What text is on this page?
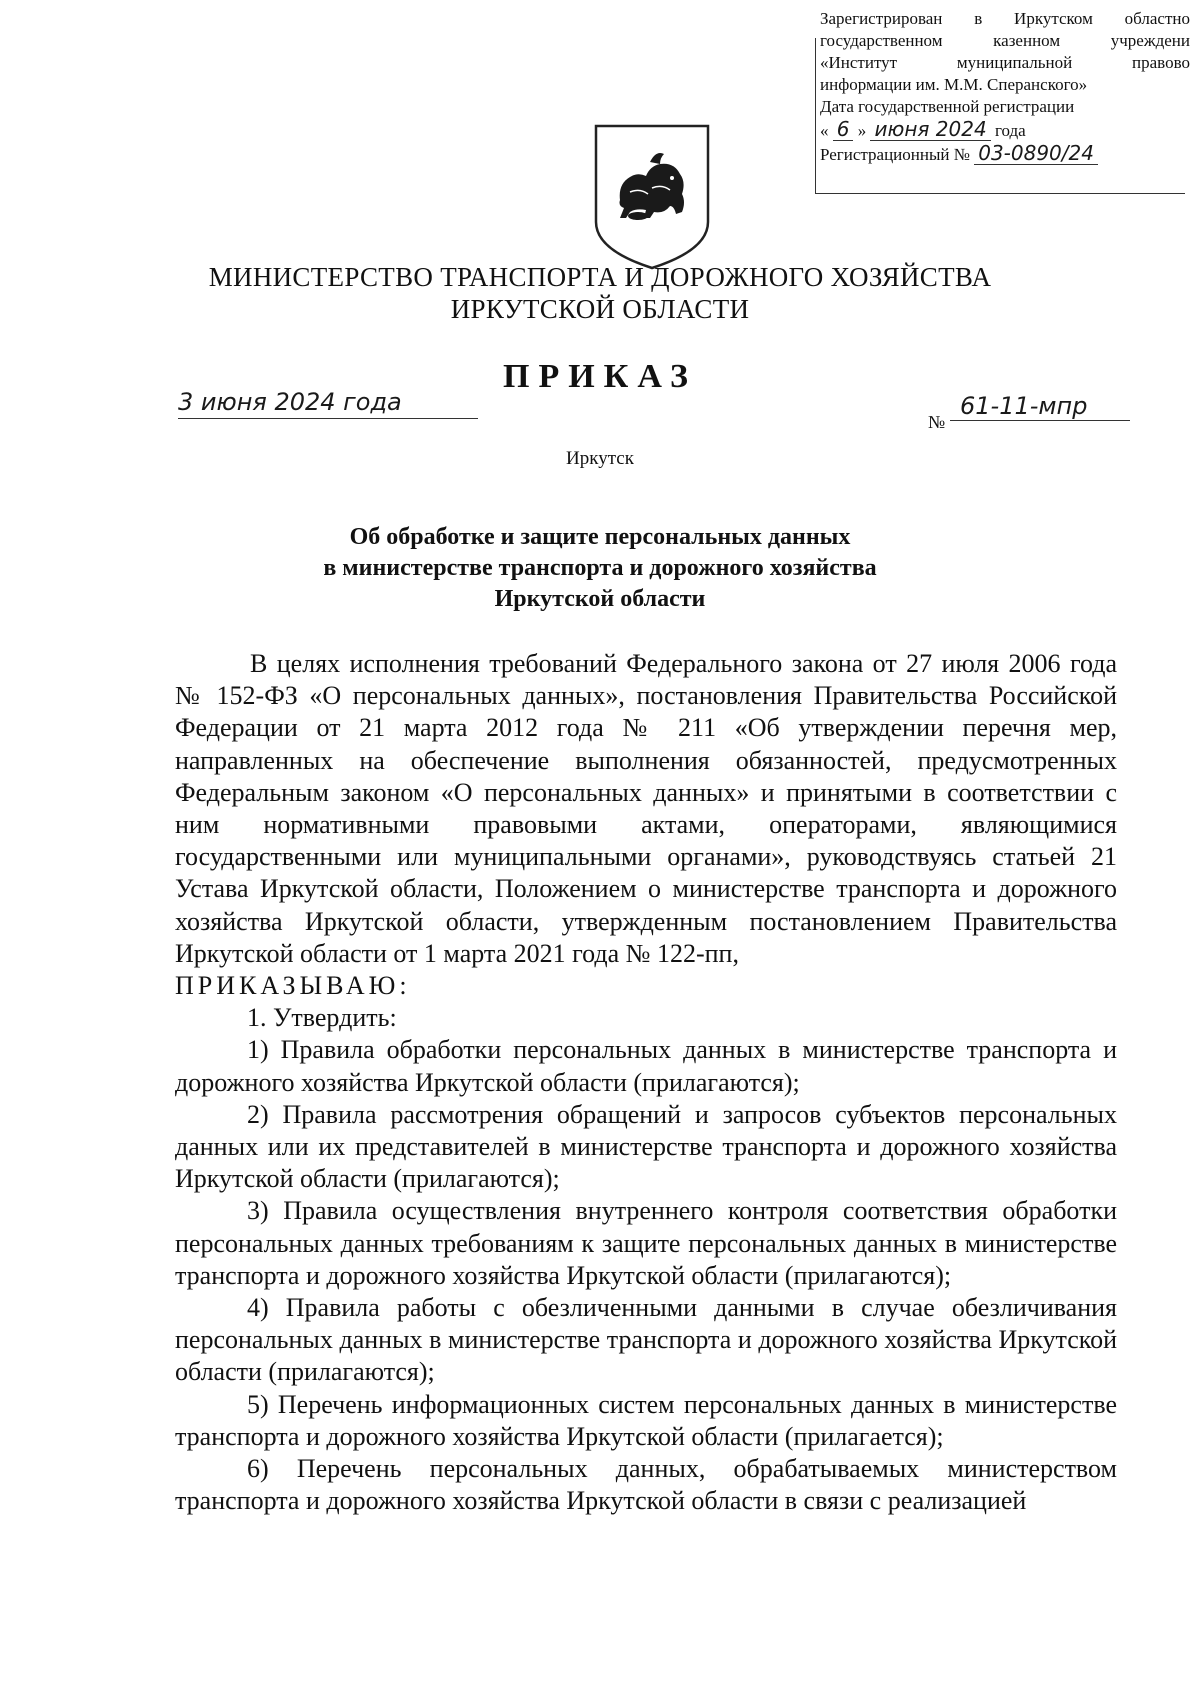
Зарегистрирован в Иркутском областно
государственном казенном учреждени
«Институт муниципальной правово
информации им. М.М. Сперанского»
Дата государственной регистрации
« 6 » июня 2024 года
Регистрационный № 03-0890/24
МИНИСТЕРСТВО ТРАНСПОРТА И ДОРОЖНОГО ХОЗЯЙСТВА
ИРКУТСКОЙ ОБЛАСТИ
ПРИКАЗ
3 июня 2024 года
№
61-11-мпр
Иркутск
Об обработке и защите персональных данных
в министерстве транспорта и дорожного хозяйства
Иркутской области

В целях исполнения требований Федерального закона от 27 июля 2006 года № 152-ФЗ «О персональных данных», постановления Правительства Российской Федерации от 21 марта 2012 года № 211 «Об утверждении перечня мер, направленных на обеспечение выполнения обязанностей, предусмотренных Федеральным законом «О персональных данных» и принятыми в соответствии с ним нормативными правовыми актами, операторами, являющимися государственными или муниципальными органами», руководствуясь статьей 21 Устава Иркутской области, Положением о министерстве транспорта и дорожного хозяйства Иркутской области, утвержденным постановлением Правительства Иркутской области от 1 марта 2021 года № 122-пп,

ПРИКАЗЫВАЮ:

1. Утвердить:

1) Правила обработки персональных данных в министерстве транспорта и дорожного хозяйства Иркутской области (прилагаются);

2) Правила рассмотрения обращений и запросов субъектов персональных данных или их представителей в министерстве транспорта и дорожного хозяйства Иркутской области (прилагаются);

3) Правила осуществления внутреннего контроля соответствия обработки персональных данных требованиям к защите персональных данных в министерстве транспорта и дорожного хозяйства Иркутской области (прилагаются);

4) Правила работы с обезличенными данными в случае обезличивания персональных данных в министерстве транспорта и дорожного хозяйства Иркутской области (прилагаются);

5) Перечень информационных систем персональных данных в министерстве транспорта и дорожного хозяйства Иркутской области (прилагается);

6) Перечень персональных данных, обрабатываемых министерством транспорта и дорожного хозяйства Иркутской области в связи с реализацией
